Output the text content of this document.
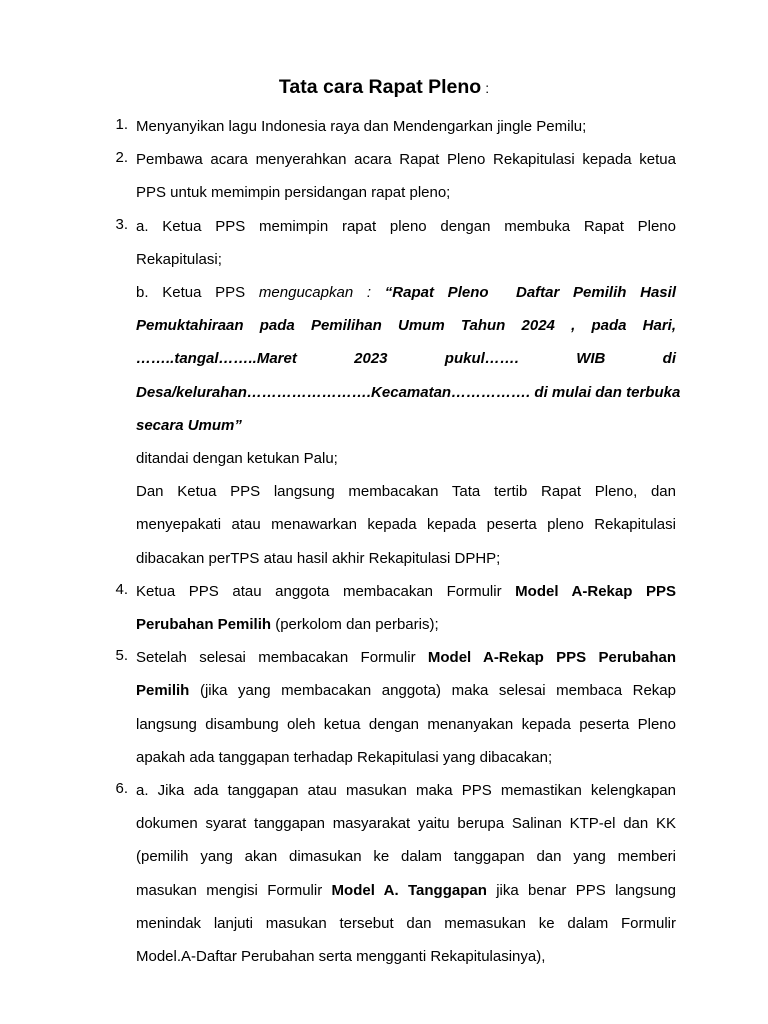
Tata cara Rapat Pleno :
1. Menyanyikan lagu Indonesia raya dan Mendengarkan jingle Pemilu;
2. Pembawa acara menyerahkan acara Rapat Pleno Rekapitulasi kepada ketua
PPS untuk memimpin persidangan rapat pleno;
3. a. Ketua PPS memimpin rapat pleno dengan membuka Rapat Pleno
Rekapitulasi;
b. Ketua PPS mengucapkan : “Rapat Pleno  Daftar Pemilih Hasil
Pemuktahiraan pada Pemilihan Umum Tahun 2024 , pada Hari,
……..tangal……..Maret 2023 pukul……. WIB di
Desa/kelurahan…………………….Kecamatan……………. di mulai dan terbuka
secara Umum”
ditandai dengan ketukan Palu;
Dan Ketua PPS langsung membacakan Tata tertib Rapat Pleno, dan
menyepakati atau menawarkan kepada kepada peserta pleno Rekapitulasi
dibacakan perTPS atau hasil akhir Rekapitulasi DPHP;
4. Ketua PPS atau anggota membacakan Formulir Model A-Rekap PPS
Perubahan Pemilih (perkolom dan perbaris);
5. Setelah selesai membacakan Formulir Model A-Rekap PPS Perubahan
Pemilih (jika yang membacakan anggota) maka selesai membaca Rekap
langsung disambung oleh ketua dengan menanyakan kepada peserta Pleno
apakah ada tanggapan terhadap Rekapitulasi yang dibacakan;
6. a. Jika ada tanggapan atau masukan maka PPS memastikan kelengkapan
dokumen syarat tanggapan masyarakat yaitu berupa Salinan KTP-el dan KK
(pemilih yang akan dimasukan ke dalam tanggapan dan yang memberi
masukan mengisi Formulir Model A. Tanggapan jika benar PPS langsung
menindak lanjuti masukan tersebut dan memasukan ke dalam Formulir
Model.A-Daftar Perubahan serta mengganti Rekapitulasinya),
